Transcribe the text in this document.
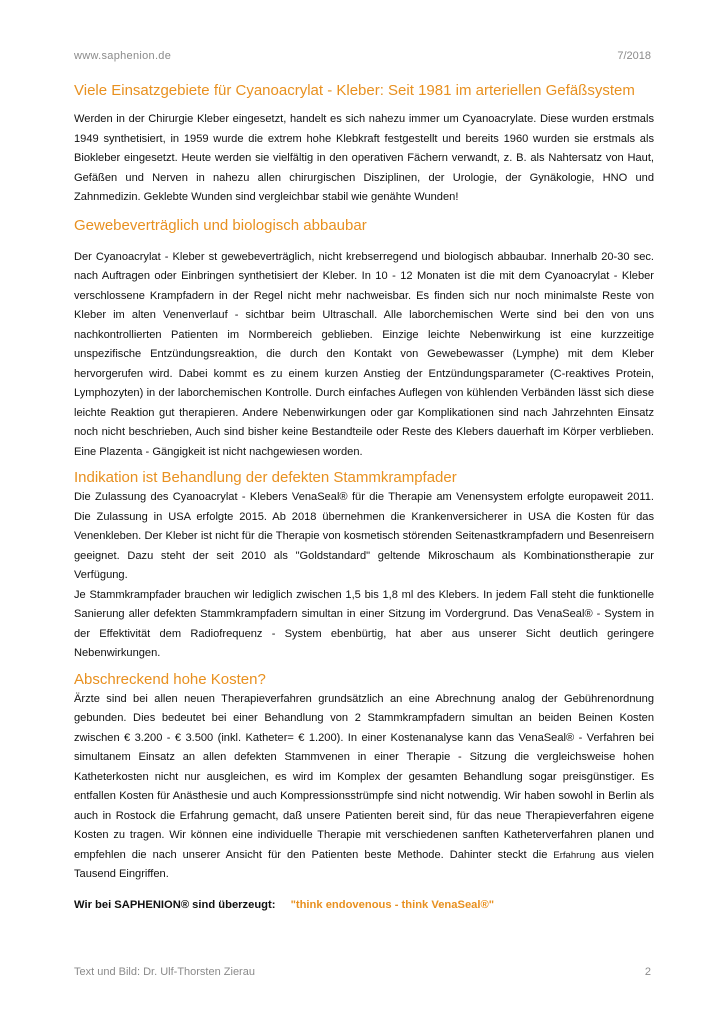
www.saphenion.de	7/2018
Viele Einsatzgebiete für Cyanoacrylat - Kleber: Seit 1981 im arteriellen Gefäßsystem

Werden in der Chirurgie Kleber eingesetzt, handelt es sich nahezu immer um Cyanoacrylate. Diese wurden erstmals 1949 synthetisiert, in 1959 wurde die extrem hohe Klebkraft festgestellt und bereits 1960 wurden sie erstmals als Biokleber eingesetzt. Heute werden sie vielfältig in den operativen Fächern verwandt, z. B. als Nahtersatz von Haut, Gefäßen und Nerven in nahezu allen chirurgischen Disziplinen, der Urologie, der Gynäkologie, HNO und Zahnmedizin. Geklebte Wunden sind vergleichbar stabil wie genähte Wunden!

Gewebeverträglich und biologisch abbaubar

Der Cyanoacrylat - Kleber st gewebeverträglich, nicht krebserregend und biologisch abbaubar. Innerhalb 20-30 sec. nach Auftragen oder Einbringen synthetisiert der Kleber. In 10 - 12 Monaten ist die mit dem Cyanoacrylat - Kleber verschlossene Krampfadern in der Regel nicht mehr nachweisbar. Es finden sich nur noch minimalste Reste von Kleber im alten Venenverlauf - sichtbar beim Ultraschall. Alle laborchemischen Werte sind bei den von uns nachkontrollierten Patienten im Normbereich geblieben. Einzige leichte Nebenwirkung ist eine kurzzeitige unspezifische Entzündungsreaktion, die durch den Kontakt von Gewebewasser (Lymphe) mit dem Kleber hervorgerufen wird. Dabei kommt es zu einem kurzen Anstieg der Entzündungsparameter (C-reaktives Protein, Lymphozyten) in der laborchemischen Kontrolle. Durch einfaches Auflegen von kühlenden Verbänden lässt sich diese leichte Reaktion gut therapieren. Andere Nebenwirkungen oder gar Komplikationen sind nach Jahrzehnten Einsatz noch nicht beschrieben, Auch sind bisher keine Bestandteile oder Reste des Klebers dauerhaft im Körper verblieben. Eine Plazenta - Gängigkeit ist nicht nachgewiesen worden.

Indikation ist Behandlung der defekten Stammkrampfader

Die Zulassung des Cyanoacrylat - Klebers VenaSeal® für die Therapie am Venensystem erfolgte europaweit 2011. Die Zulassung in USA erfolgte 2015. Ab 2018 übernehmen die Krankenversicherer in USA die Kosten für das Venenkleben. Der Kleber ist nicht für die Therapie von kosmetisch störenden Seitenastkrampfadern und Besenreisern geeignet. Dazu steht der seit 2010 als "Goldstandard" geltende Mikroschaum als Kombinationstherapie zur Verfügung.

Je Stammkrampfader brauchen wir lediglich zwischen 1,5 bis 1,8 ml des Klebers. In jedem Fall steht die funktionelle Sanierung aller defekten Stammkrampfadern simultan in einer Sitzung im Vordergrund. Das VenaSeal® - System in der Effektivität dem Radiofrequenz - System ebenbürtig, hat aber aus unserer Sicht deutlich geringere Nebenwirkungen.

Abschreckend hohe Kosten?

Ärzte sind bei allen neuen Therapieverfahren grundsätzlich an eine Abrechnung analog der Gebührenordnung gebunden. Dies bedeutet bei einer Behandlung von 2 Stammkrampfadern simultan an beiden Beinen Kosten zwischen € 3.200 - € 3.500 (inkl. Katheter= € 1.200). In einer Kostenanalyse kann das VenaSeal® - Verfahren bei simultanem Einsatz an allen defekten Stammvenen in einer Therapie - Sitzung die vergleichsweise hohen Katheterkosten nicht nur ausgleichen, es wird im Komplex der gesamten Behandlung sogar preisgünstiger. Es entfallen Kosten für Anästhesie und auch Kompressionsstrümpfe sind nicht notwendig. Wir haben sowohl in Berlin als auch in Rostock die Erfahrung gemacht, daß unsere Patienten bereit sind, für das neue Therapieverfahren eigene Kosten zu tragen. Wir können eine individuelle Therapie mit verschiedenen sanften Katheterverfahren planen und empfehlen die nach unserer Ansicht für den Patienten beste Methode. Dahinter steckt die Erfahrung aus vielen Tausend Eingriffen.

Wir bei SAPHENION® sind überzeugt: "think endovenous - think VenaSeal®"
Text und Bild: Dr. Ulf-Thorsten Zierau	2
